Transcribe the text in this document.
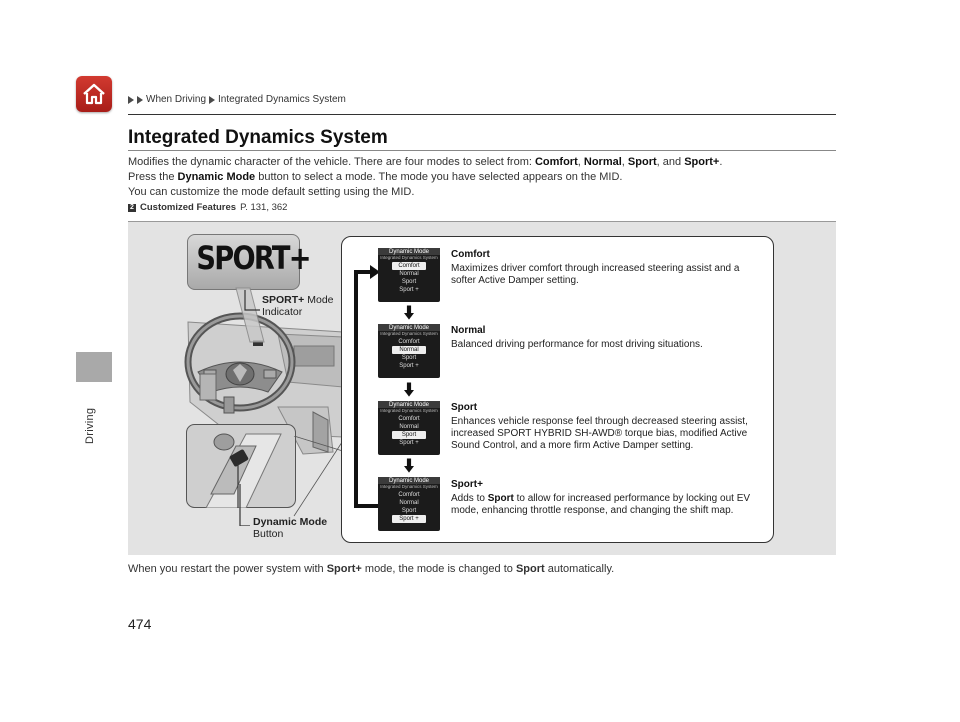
Driving
When Driving Integrated Dynamics System
Integrated Dynamics System
Modifies the dynamic character of the vehicle. There are four modes to select from: Comfort, Normal, Sport, and Sport+.
Press the Dynamic Mode button to select a mode. The mode you have selected appears on the MID.
You can customize the mode default setting using the MID.
2 Customized Features P. 131, 362
SPORT+
SPORT+ Mode
Indicator
Dynamic Mode
Button
Dynamic Mode
Integrated Dynamics System
Comfort
Normal
Sport
Sport +
Dynamic Mode
Integrated Dynamics System
Comfort
Normal
Sport
Sport +
Dynamic Mode
Integrated Dynamics System
Comfort
Normal
Sport
Sport +
Dynamic Mode
Integrated Dynamics System
Comfort
Normal
Sport
Sport +
Comfort
Maximizes driver comfort through increased steering assist and a softer Active Damper setting.
Normal
Balanced driving performance for most driving situations.
Sport
Enhances vehicle response feel through decreased steering assist, increased SPORT HYBRID SH-AWD® torque bias, modified Active Sound Control, and a more firm Active Damper setting.
Sport+
Adds to Sport to allow for increased performance by locking out EV mode, enhancing throttle response, and changing the shift map.
When you restart the power system with Sport+ mode, the mode is changed to Sport automatically.
474
